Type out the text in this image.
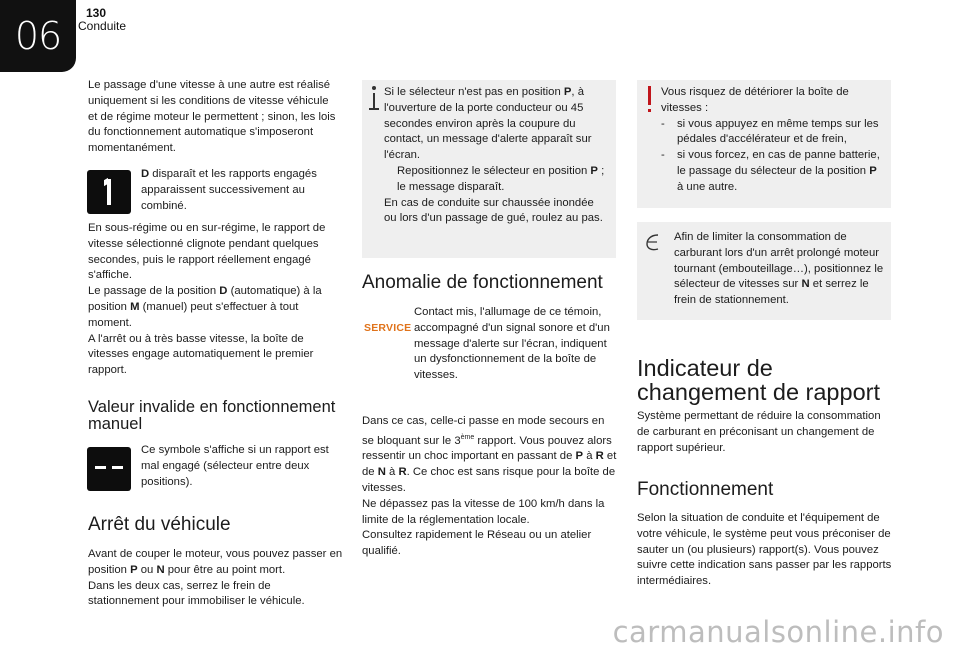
06
130
Conduite

Le passage d'une vitesse à une autre est réalisé uniquement si les conditions de vitesse véhicule et de régime moteur le permettent ; sinon, les lois du fonctionnement automatique s'imposeront momentanément.

D disparaît et les rapports engagés apparaissent successivement au combiné.

En sous-régime ou en sur-régime, le rapport de vitesse sélectionné clignote pendant quelques secondes, puis le rapport réellement engagé s'affiche.

Le passage de la position D (automatique) à la position M (manuel) peut s'effectuer à tout moment.

A l'arrêt ou à très basse vitesse, la boîte de vitesses engage automatiquement le premier rapport.

Valeur invalide en fonctionnement manuel

Ce symbole s'affiche si un rapport est mal engagé (sélecteur entre deux positions).

Arrêt du véhicule

Avant de couper le moteur, vous pouvez passer en position P ou N pour être au point mort.

Dans les deux cas, serrez le frein de stationnement pour immobiliser le véhicule.

Si le sélecteur n'est pas en position P, à l'ouverture de la porte conducteur ou 45 secondes environ après la coupure du contact, un message d'alerte apparaît sur l'écran.

Repositionnez le sélecteur en position P ; le message disparaît.

En cas de conduite sur chaussée inondée ou lors d'un passage de gué, roulez au pas.

Anomalie de fonctionnement
SERVICE

Contact mis, l'allumage de ce témoin, accompagné d'un signal sonore et d'un message d'alerte sur l'écran, indiquent un dysfonctionnement de la boîte de vitesses.

Dans ce cas, celle-ci passe en mode secours en se bloquant sur le 3ème rapport. Vous pouvez alors ressentir un choc important en passant de P à R et de N à R. Ce choc est sans risque pour la boîte de vitesses.

Ne dépassez pas la vitesse de 100 km/h dans la limite de la réglementation locale.

Consultez rapidement le Réseau ou un atelier qualifié.

Vous risquez de détériorer la boîte de vitesses :

- si vous appuyez en même temps sur les pédales d'accélérateur et de frein,

- si vous forcez, en cas de panne batterie, le passage du sélecteur de la position P à une autre.

Afin de limiter la consommation de carburant lors d'un arrêt prolongé moteur tournant (embouteillage…), positionnez le sélecteur de vitesses sur N et serrez le frein de stationnement.

Indicateur de changement de rapport

Système permettant de réduire la consommation de carburant en préconisant un changement de rapport supérieur.

Fonctionnement

Selon la situation de conduite et l'équipement de votre véhicule, le système peut vous préconiser de sauter un (ou plusieurs) rapport(s). Vous pouvez suivre cette indication sans passer par les rapports intermédiaires.

carmanualsonline.info
